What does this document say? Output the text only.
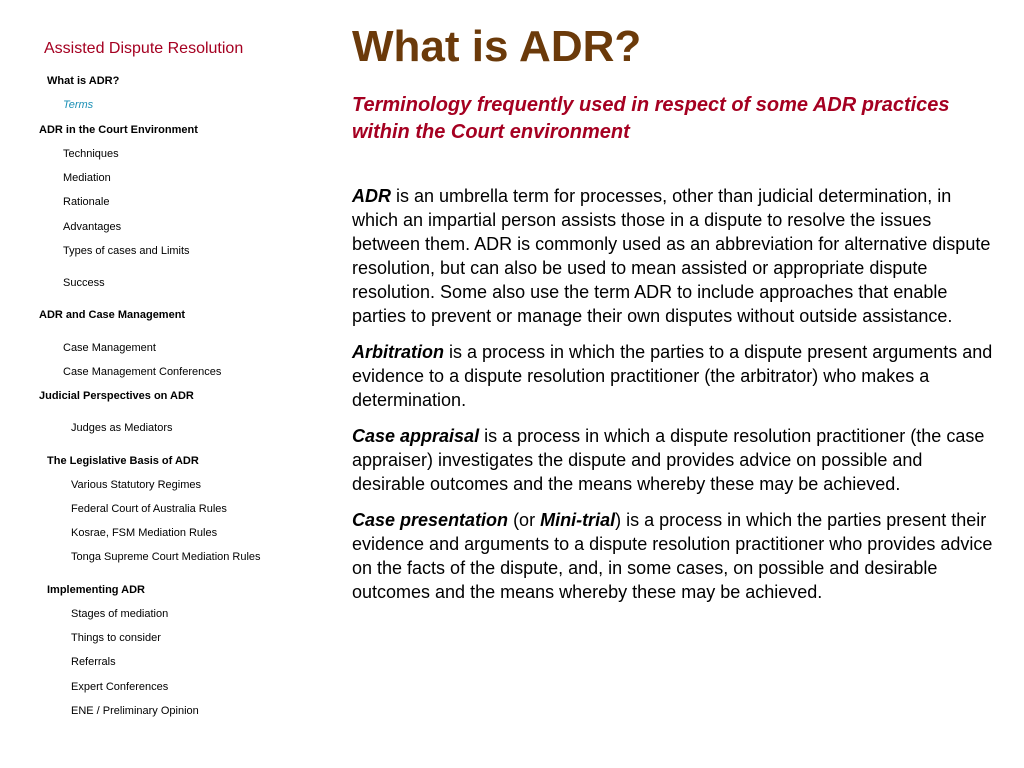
Assisted Dispute Resolution
What is ADR?
Terms
ADR in the Court Environment
Techniques
Mediation
Rationale
Advantages
Types of cases and Limits
Success
ADR and Case Management
Case Management
Case Management Conferences
Judicial Perspectives on ADR
Judges as Mediators
The Legislative Basis of ADR
Various Statutory Regimes
Federal Court of Australia Rules
Kosrae, FSM Mediation Rules
Tonga Supreme Court Mediation Rules
Implementing ADR
Stages of mediation
Things to consider
Referrals
Expert Conferences
ENE / Preliminary Opinion
What is ADR?
Terminology frequently used in respect of some ADR practices within the Court environment

ADR is an umbrella term for processes, other than judicial determination, in which an impartial person assists those in a dispute to resolve the issues between them. ADR is commonly used as an abbreviation for alternative dispute resolution, but can also be used to mean assisted or appropriate dispute resolution. Some also use the term ADR to include approaches that enable parties to prevent or manage their own disputes without outside assistance.

Arbitration is a process in which the parties to a dispute present arguments and evidence to a dispute resolution practitioner (the arbitrator) who makes a determination.

Case appraisal is a process in which a dispute resolution practitioner (the case appraiser) investigates the dispute and provides advice on possible and desirable outcomes and the means whereby these may be achieved.

Case presentation (or Mini-trial) is a process in which the parties present their evidence and arguments to a dispute resolution practitioner who provides advice on the facts of the dispute, and, in some cases, on possible and desirable outcomes and the means whereby these may be achieved.
